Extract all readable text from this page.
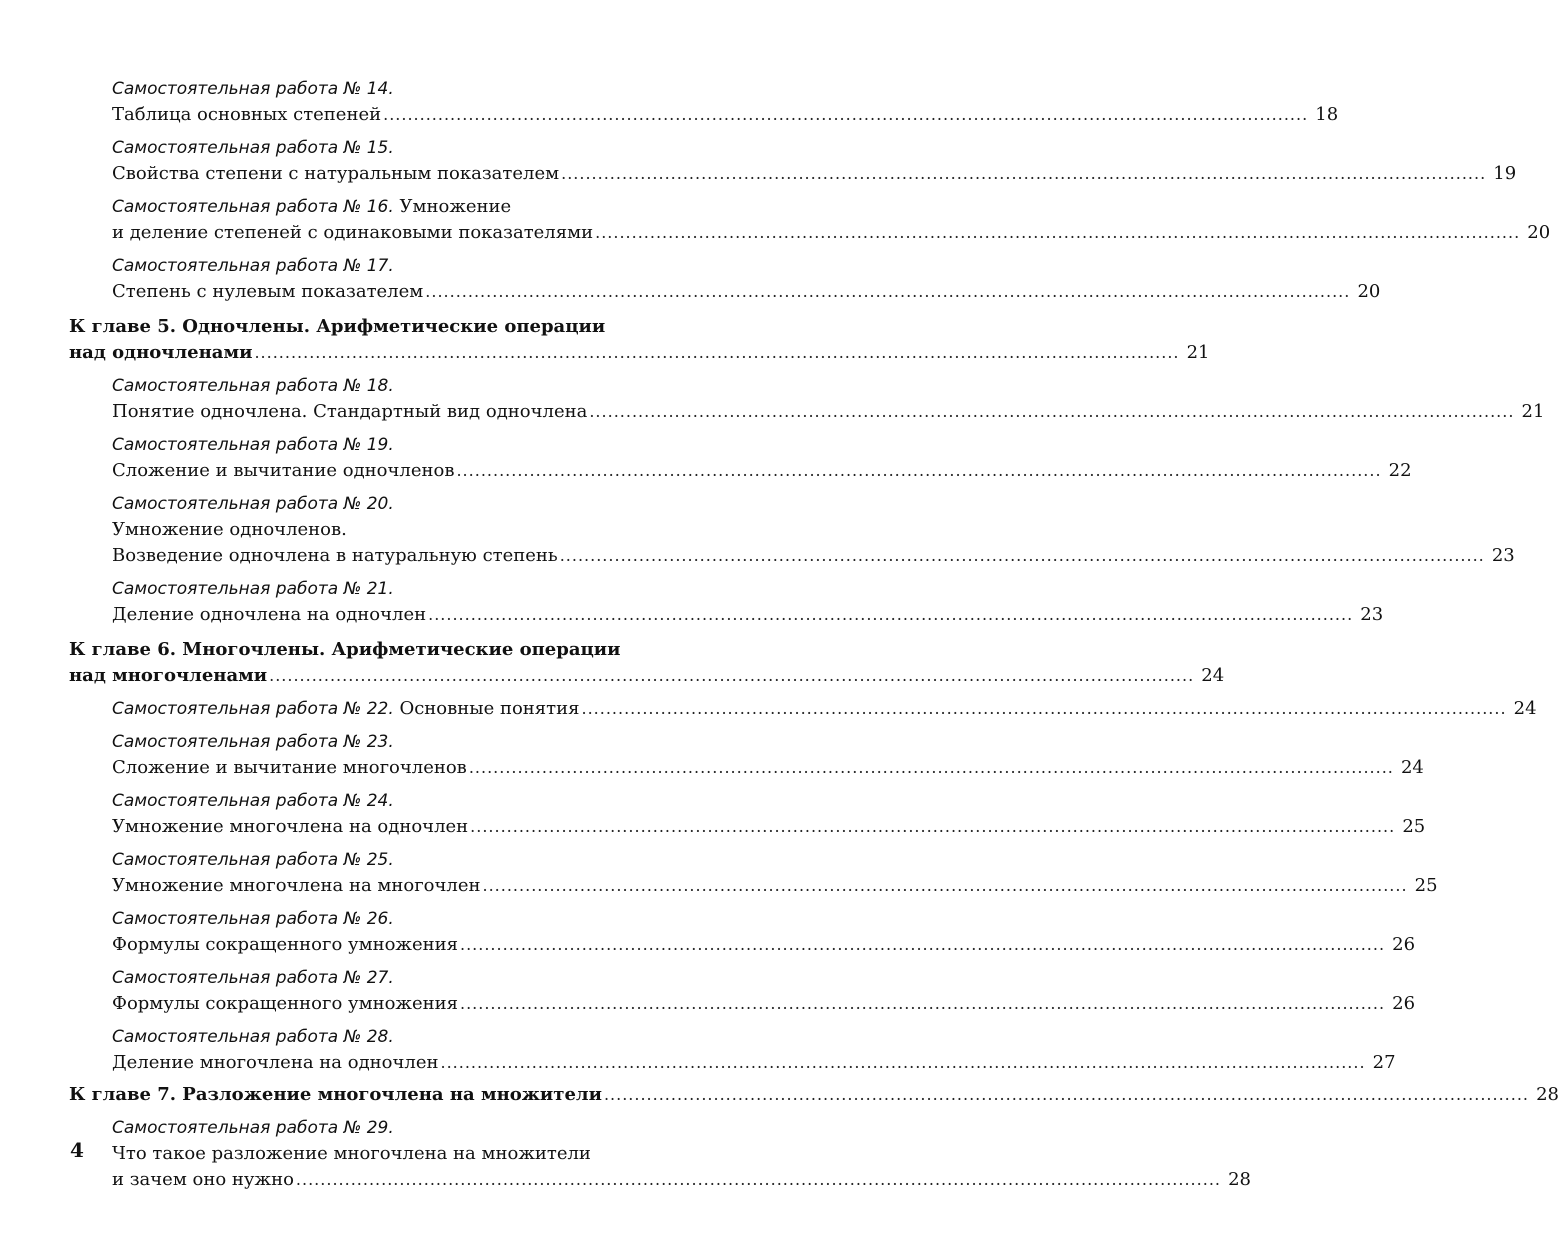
Самостоятельная работа № 14.
Таблица основных степеней ........................................................................................................................................................ 18
Самостоятельная работа № 15.
Свойства степени с натуральным показателем ........................................................................................................................................................ 19
Самостоятельная работа № 16. Умножение
и деление степеней с одинаковыми показателями ........................................................................................................................................................ 20
Самостоятельная работа № 17.
Степень с нулевым показателем ........................................................................................................................................................ 20
К главе 5. Одночлены. Арифметические операции
над одночленами ........................................................................................................................................................ 21
Самостоятельная работа № 18.
Понятие одночлена. Стандартный вид одночлена ........................................................................................................................................................ 21
Самостоятельная работа № 19.
Сложение и вычитание одночленов ........................................................................................................................................................ 22
Самостоятельная работа № 20.
Умножение одночленов.
Возведение одночлена в натуральную степень ........................................................................................................................................................ 23
Самостоятельная работа № 21.
Деление одночлена на одночлен ........................................................................................................................................................ 23
К главе 6. Многочлены. Арифметические операции
над многочленами ........................................................................................................................................................ 24
Самостоятельная работа № 22. Основные понятия ........................................................................................................................................................ 24
Самостоятельная работа № 23.
Сложение и вычитание многочленов ........................................................................................................................................................ 24
Самостоятельная работа № 24.
Умножение многочлена на одночлен ........................................................................................................................................................ 25
Самостоятельная работа № 25.
Умножение многочлена на многочлен ........................................................................................................................................................ 25
Самостоятельная работа № 26.
Формулы сокращенного умножения ........................................................................................................................................................ 26
Самостоятельная работа № 27.
Формулы сокращенного умножения ........................................................................................................................................................ 26
Самостоятельная работа № 28.
Деление многочлена на одночлен ........................................................................................................................................................ 27
К главе 7. Разложение многочлена на множители ........................................................................................................................................................ 28
Самостоятельная работа № 29.
Что такое разложение многочлена на множители
и зачем оно нужно ........................................................................................................................................................ 28
4
